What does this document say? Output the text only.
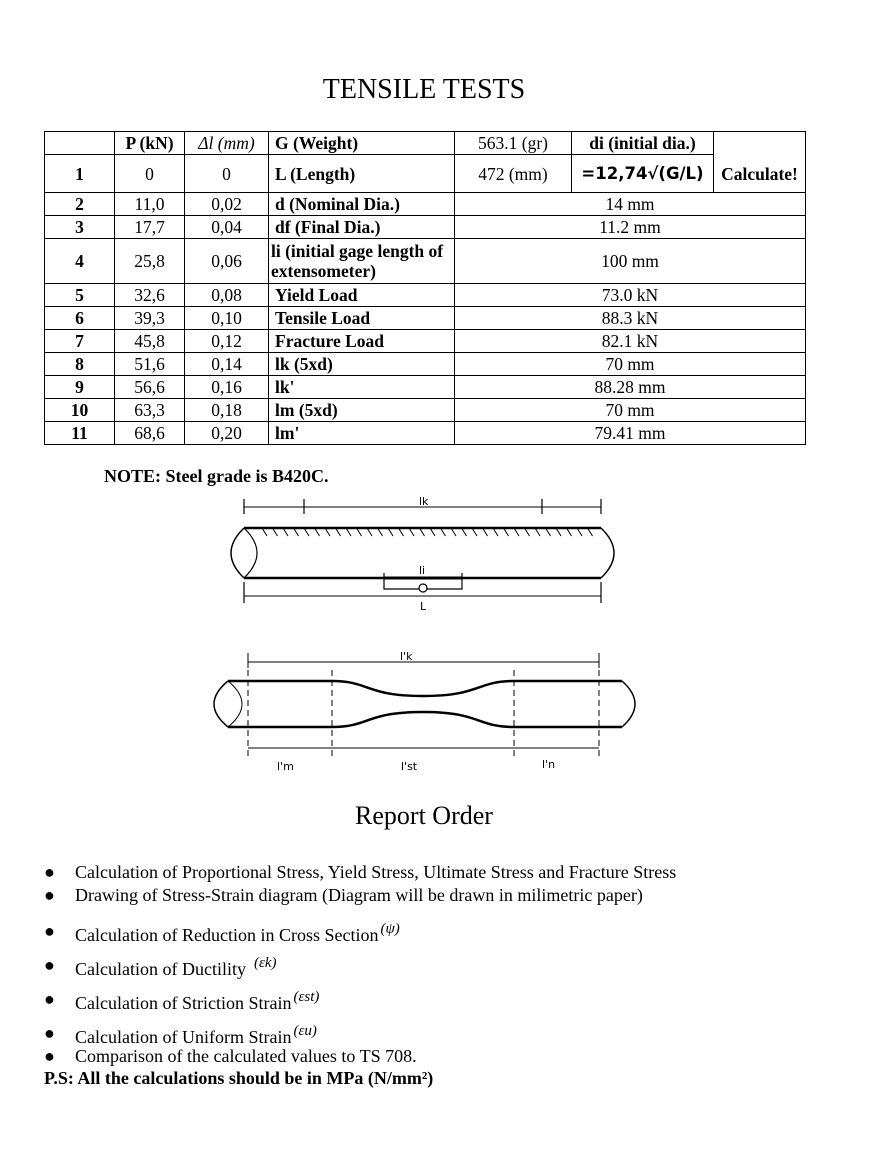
TENSILE TESTS
	P (kN)	Δl (mm)	G (Weight)	563.1 (gr)	di (initial dia.)	Calculate!
1	0	0	L (Length)	472 (mm)	=12,74√(G/L)	
2	11,0	0,02	d (Nominal Dia.)	14 mm		
3	17,7	0,04	df (Final Dia.)	11.2 mm		
4	25,8	0,06	li (initial gage length of extensometer)	100 mm		
5	32,6	0,08	Yield Load	73.0 kN		
6	39,3	0,10	Tensile Load	88.3 kN		
7	45,8	0,12	Fracture Load	82.1 kN		
8	51,6	0,14	lk (5xd)	70 mm		
9	56,6	0,16	lk'	88.28 mm		
10	63,3	0,18	lm (5xd)	70 mm		
11	68,6	0,20	lm'	79.41 mm		
NOTE: Steel grade is B420C.
lk
li
L
l'k
l'm	l'st	l'n
Report Order
● Calculation of Proportional Stress, Yield Stress, Ultimate Stress and Fracture Stress
● Drawing of Stress-Strain diagram (Diagram will be drawn in milimetric paper)
● Calculation of Reduction in Cross Section $^{(\psi)}$
● Calculation of Ductility $^{(\varepsilon k)}$
● Calculation of Striction Strain $^{(\varepsilon st)}$
● Calculation of Uniform Strain $^{(\varepsilon u)}$
● Comparison of the calculated values to TS 708.
P.S: All the calculations should be in MPa (N/mm²)
